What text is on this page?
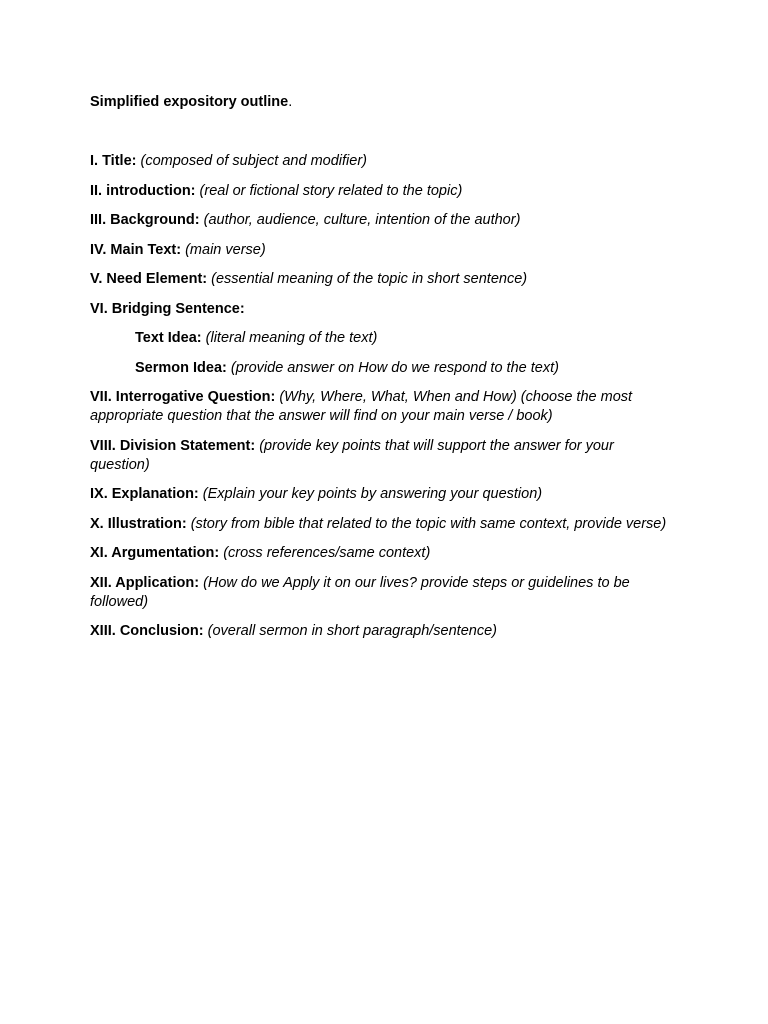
Simplified expository outline.

I. Title: (composed of subject and modifier)
II. introduction: (real or fictional story related to the topic)
III. Background: (author, audience, culture, intention of the author)
IV. Main Text: (main verse)
V. Need Element: (essential meaning of the topic in short sentence)
VI. Bridging Sentence:
Text Idea: (literal meaning of the text)
Sermon Idea: (provide answer on How do we respond to the text)
VII. Interrogative Question: (Why, Where, What, When and How) (choose the most appropriate question that the answer will find on your main verse / book)
VIII. Division Statement: (provide key points that will support the answer for your question)
IX. Explanation: (Explain your key points by answering your question)
X. Illustration: (story from bible that related to the topic with same context, provide verse)
XI. Argumentation: (cross references/same context)
XII. Application: (How do we Apply it on our lives? provide steps or guidelines to be followed)
XIII. Conclusion: (overall sermon in short paragraph/sentence)
